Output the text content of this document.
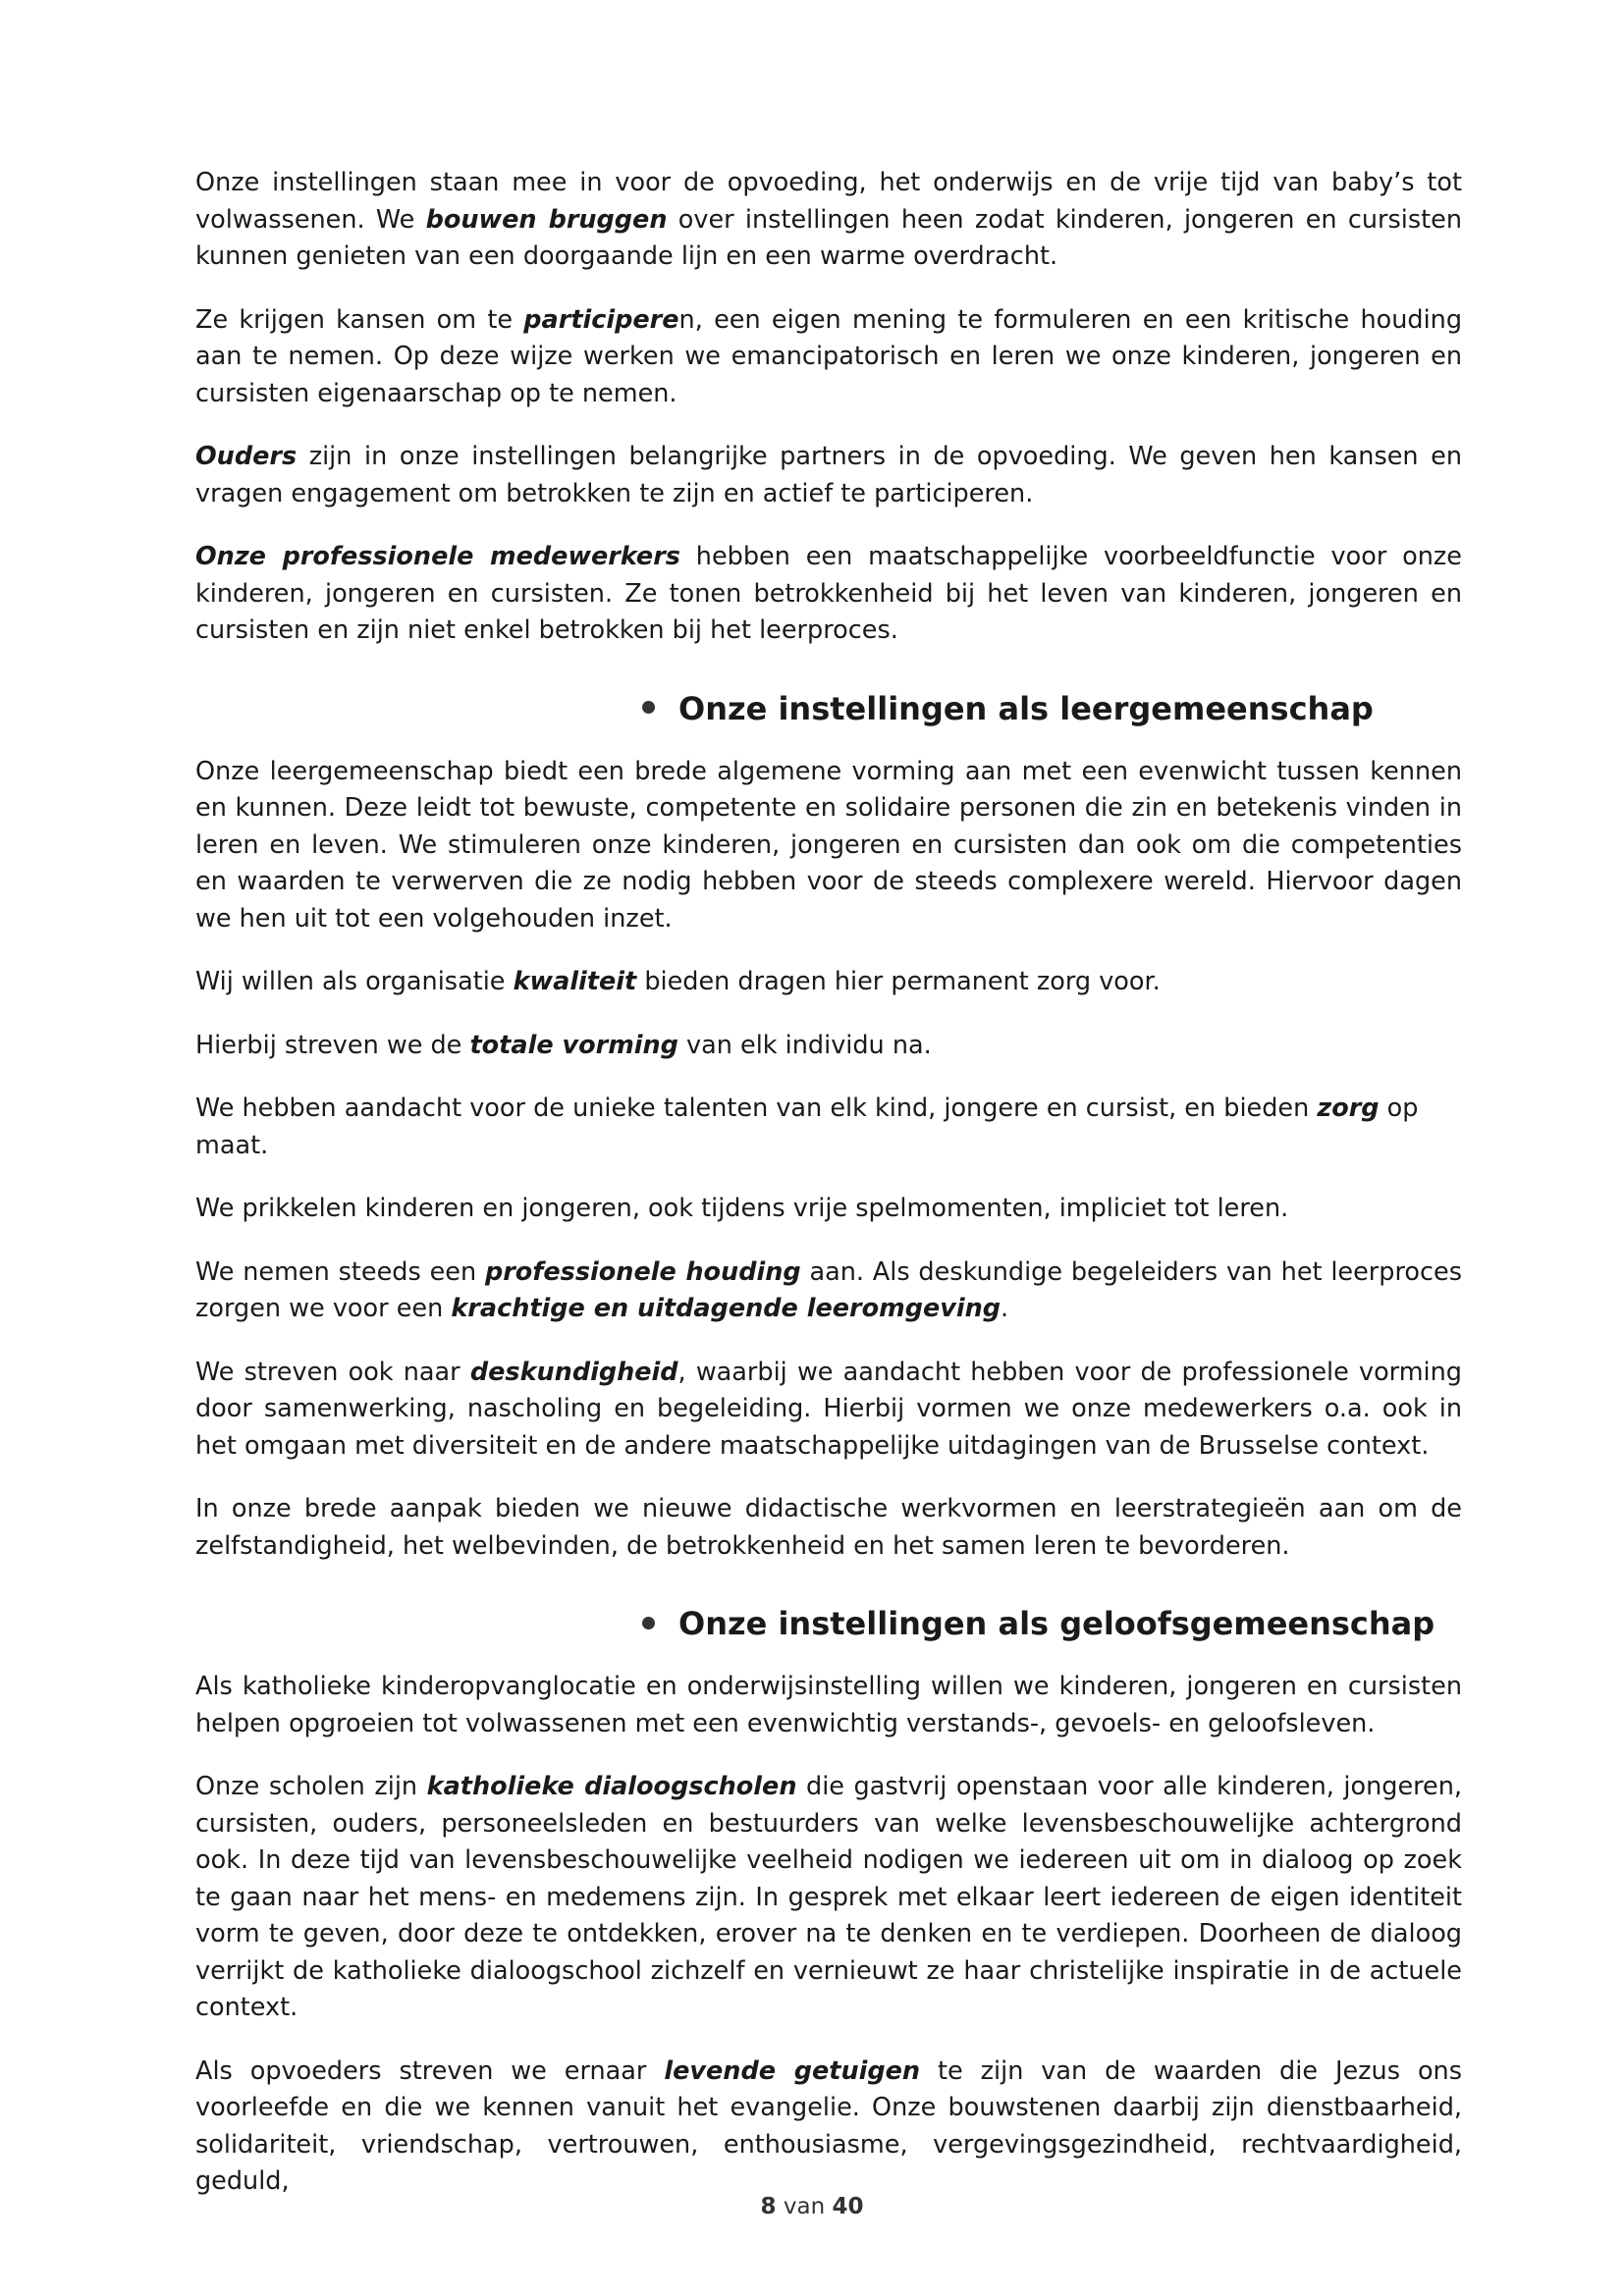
Onze instellingen staan mee in voor de opvoeding, het onderwijs en de vrije tijd van baby’s tot volwassenen. We bouwen bruggen over instellingen heen zodat kinderen, jongeren en cursisten kunnen genieten van een doorgaande lijn en een warme overdracht.

Ze krijgen kansen om te participeren, een eigen mening te formuleren en een kritische houding aan te nemen. Op deze wijze werken we emancipatorisch en leren we onze kinderen, jongeren en cursisten eigenaarschap op te nemen.

Ouders zijn in onze instellingen belangrijke partners in de opvoeding. We geven hen kansen en vragen engagement om betrokken te zijn en actief te participeren.

Onze professionele medewerkers hebben een maatschappelijke voorbeeldfunctie voor onze kinderen, jongeren en cursisten. Ze tonen betrokkenheid bij het leven van kinderen, jongeren en cursisten en zijn niet enkel betrokken bij het leerproces.

Onze instellingen als leergemeenschap

Onze leergemeenschap biedt een brede algemene vorming aan met een evenwicht tussen kennen en kunnen. Deze leidt tot bewuste, competente en solidaire personen die zin en betekenis vinden in leren en leven. We stimuleren onze kinderen, jongeren en cursisten dan ook om die competenties en waarden te verwerven die ze nodig hebben voor de steeds complexere wereld. Hiervoor dagen we hen uit tot een volgehouden inzet.

Wij willen als organisatie kwaliteit bieden dragen hier permanent zorg voor.

Hierbij streven we de totale vorming van elk individu na.

We hebben aandacht voor de unieke talenten van elk kind, jongere en cursist, en bieden zorg op maat.

We prikkelen kinderen en jongeren, ook tijdens vrije spelmomenten, impliciet tot leren.

We nemen steeds een professionele houding aan. Als deskundige begeleiders van het leerproces zorgen we voor een krachtige en uitdagende leeromgeving.

We streven ook naar deskundigheid, waarbij we aandacht hebben voor de professionele vorming door samenwerking, nascholing en begeleiding. Hierbij vormen we onze medewerkers o.a. ook in het omgaan met diversiteit en de andere maatschappelijke uitdagingen van de Brusselse context.

In onze brede aanpak bieden we nieuwe didactische werkvormen en leerstrategieën aan om de zelfstandigheid, het welbevinden, de betrokkenheid en het samen leren te bevorderen.

Onze instellingen als geloofsgemeenschap

Als katholieke kinderopvanglocatie en onderwijsinstelling willen we kinderen, jongeren en cursisten helpen opgroeien tot volwassenen met een evenwichtig verstands-, gevoels- en geloofsleven.

Onze scholen zijn katholieke dialoogscholen die gastvrij openstaan voor alle kinderen, jongeren, cursisten, ouders, personeelsleden en bestuurders van welke levensbeschouwelijke achtergrond ook. In deze tijd van levensbeschouwelijke veelheid nodigen we iedereen uit om in dialoog op zoek te gaan naar het mens- en medemens zijn. In gesprek met elkaar leert iedereen de eigen identiteit vorm te geven, door deze te ontdekken, erover na te denken en te verdiepen. Doorheen de dialoog verrijkt de katholieke dialoogschool zichzelf en vernieuwt ze haar christelijke inspiratie in de actuele context.

Als opvoeders streven we ernaar levende getuigen te zijn van de waarden die Jezus ons voorleefde en die we kennen vanuit het evangelie. Onze bouwstenen daarbij zijn dienstbaarheid, solidariteit, vriendschap, vertrouwen, enthousiasme, vergevingsgezindheid, rechtvaardigheid, geduld,

8 van 40
